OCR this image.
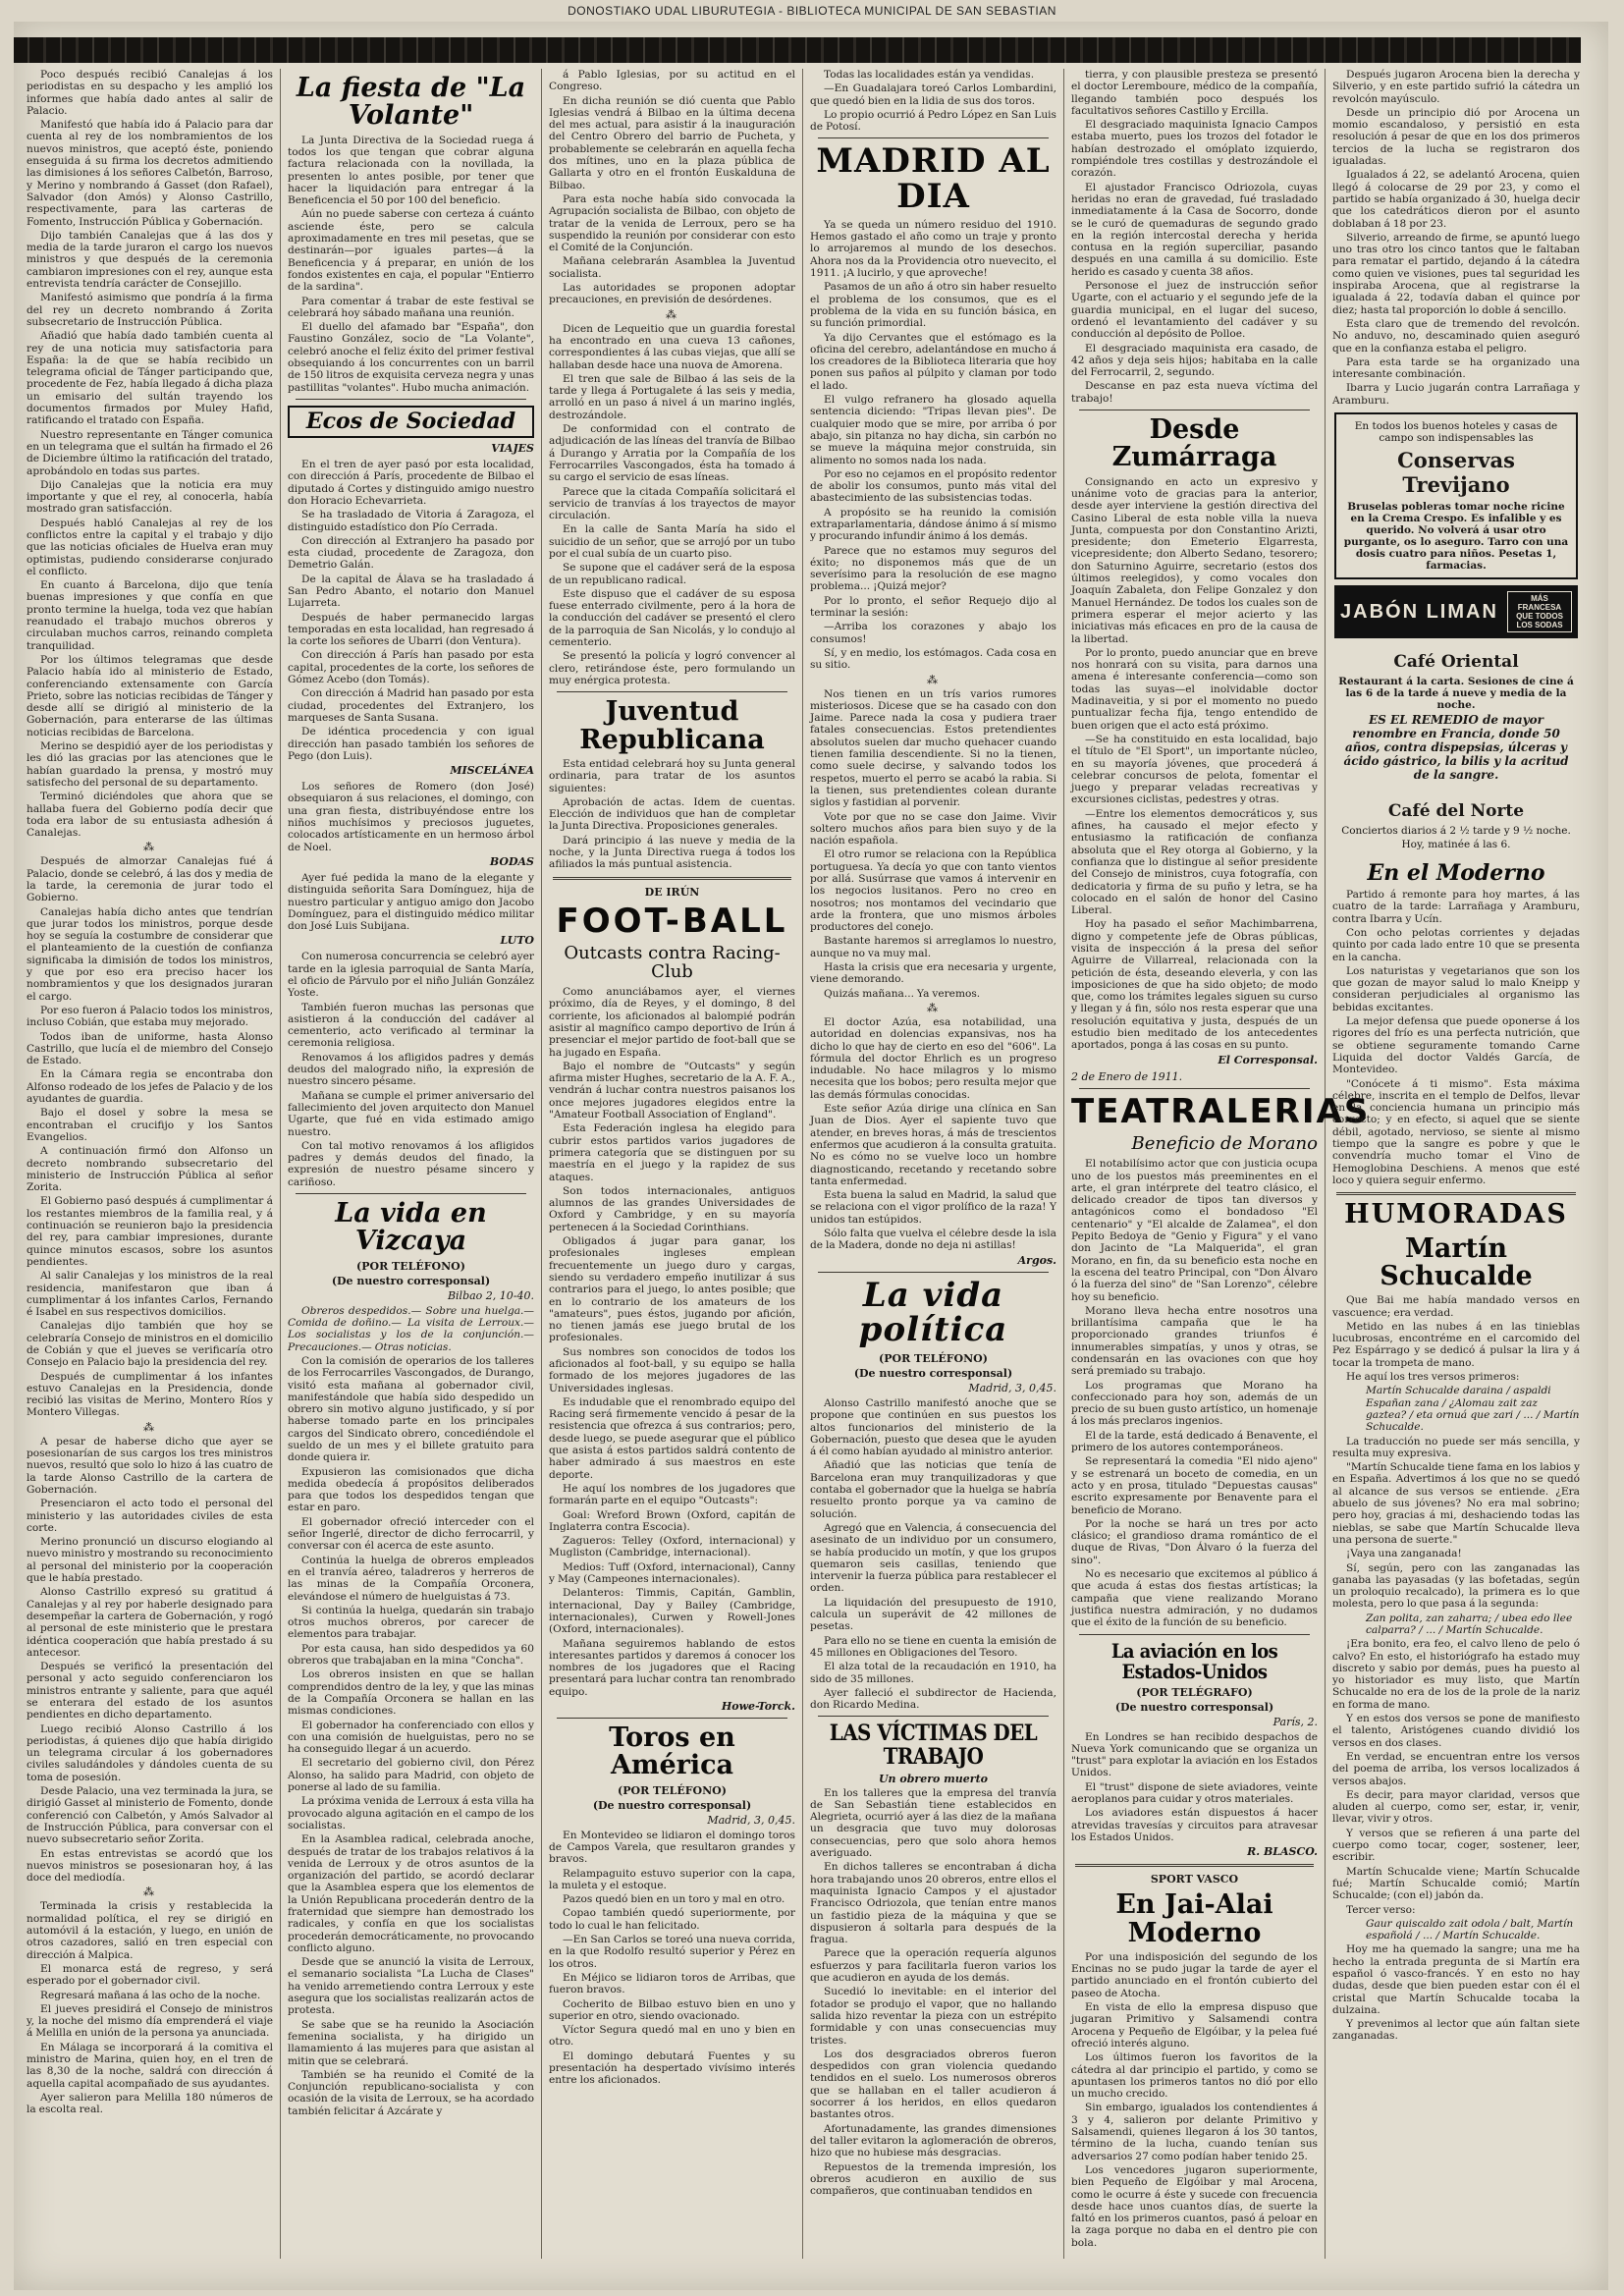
DONOSTIAKO UDAL LIBURUTEGIA - BIBLIOTECA MUNICIPAL DE SAN SEBASTIAN

Poco después recibió Canalejas á los periodistas en su despacho y les amplió los informes que había dado antes al salir de Palacio.

Manifestó que había ido á Palacio para dar cuenta al rey de los nombramientos de los nuevos ministros, que aceptó éste, poniendo enseguida á su firma los decretos admitiendo las dimisiones á los señores Calbetón, Barroso, y Merino y nombrando á Gasset (don Rafael), Salvador (don Amós) y Alonso Castrillo, respectivamente, para las carteras de Fomento, Instrucción Pública y Gobernación.

Dijo también Canalejas que á las dos y media de la tarde juraron el cargo los nuevos ministros y que después de la ceremonia cambiaron impresiones con el rey, aunque esta entrevista tendría carácter de Consejillo.

Manifestó asimismo que pondría á la firma del rey un decreto nombrando á Zorita subsecretario de Instrucción Pública.

Añadió que había dado también cuenta al rey de una noticia muy satisfactoria para España: la de que se había recibido un telegrama oficial de Tánger participando que, procedente de Fez, había llegado á dicha plaza un emisario del sultán trayendo los documentos firmados por Muley Hafid, ratificando el tratado con España.

Nuestro representante en Tánger comunica en un telegrama que el sultán ha firmado el 26 de Diciembre último la ratificación del tratado, aprobándolo en todas sus partes.

Dijo Canalejas que la noticia era muy importante y que el rey, al conocerla, había mostrado gran satisfacción.

Después habló Canalejas al rey de los conflictos entre la capital y el trabajo y dijo que las noticias oficiales de Huelva eran muy optimistas, pudiendo considerarse conjurado el conflicto.

En cuanto á Barcelona, dijo que tenía buenas impresiones y que confía en que pronto termine la huelga, toda vez que habían reanudado el trabajo muchos obreros y circulaban muchos carros, reinando completa tranquilidad.

Por los últimos telegramas que desde Palacio había ido al ministerio de Estado, conferenciando extensamente con García Prieto, sobre las noticias recibidas de Tánger y desde allí se dirigió al ministerio de la Gobernación, para enterarse de las últimas noticias recibidas de Barcelona.

Merino se despidió ayer de los periodistas y les dió las gracias por las atenciones que le habían guardado la prensa, y mostró muy satisfecho del personal de su departamento.

Terminó diciéndoles que ahora que se hallaba fuera del Gobierno podía decir que toda era labor de su entusiasta adhesión á Canalejas.

⁂

Después de almorzar Canalejas fué á Palacio, donde se celebró, á las dos y media de la tarde, la ceremonia de jurar todo el Gobierno.

Canalejas había dicho antes que tendrían que jurar todos los ministros, porque desde hoy se seguía la costumbre de considerar que el planteamiento de la cuestión de confianza significaba la dimisión de todos los ministros, y que por eso era preciso hacer los nombramientos y que los designados juraran el cargo.

Por eso fueron á Palacio todos los ministros, incluso Cobián, que estaba muy mejorado.

Todos iban de uniforme, hasta Alonso Castrillo, que lucía el de miembro del Consejo de Estado.

En la Cámara regia se encontraba don Alfonso rodeado de los jefes de Palacio y de los ayudantes de guardia.

Bajo el dosel y sobre la mesa se encontraban el crucifijo y los Santos Evangelios.

A continuación firmó don Alfonso un decreto nombrando subsecretario del ministerio de Instrucción Pública al señor Zorita.

El Gobierno pasó después á cumplimentar á los restantes miembros de la familia real, y á continuación se reunieron bajo la presidencia del rey, para cambiar impresiones, durante quince minutos escasos, sobre los asuntos pendientes.

Al salir Canalejas y los ministros de la real residencia, manifestaron que iban á cumplimentar á los infantes Carlos, Fernando é Isabel en sus respectivos domicilios.

Canalejas dijo también que hoy se celebraría Consejo de ministros en el domicilio de Cobián y que el jueves se verificaría otro Consejo en Palacio bajo la presidencia del rey.

Después de cumplimentar á los infantes estuvo Canalejas en la Presidencia, donde recibió las visitas de Merino, Montero Ríos y Montero Villegas.

⁂

A pesar de haberse dicho que ayer se posesionarían de sus cargos los tres ministros nuevos, resultó que solo lo hizo á las cuatro de la tarde Alonso Castrillo de la cartera de Gobernación.

Presenciaron el acto todo el personal del ministerio y las autoridades civiles de esta corte.

Merino pronunció un discurso elogiando al nuevo ministro y mostrando su reconocimiento al personal del ministerio por la cooperación que le había prestado.

Alonso Castrillo expresó su gratitud á Canalejas y al rey por haberle designado para desempeñar la cartera de Gobernación, y rogó al personal de este ministerio que le prestara idéntica cooperación que había prestado á su antecesor.

Después se verificó la presentación del personal y acto seguido conferenciaron los ministros entrante y saliente, para que aquél se enterara del estado de los asuntos pendientes en dicho departamento.

Luego recibió Alonso Castrillo á los periodistas, á quienes dijo que había dirigido un telegrama circular á los gobernadores civiles saludándoles y dándoles cuenta de su toma de posesión.

Desde Palacio, una vez terminada la jura, se dirigió Gasset al ministerio de Fomento, donde conferenció con Calbetón, y Amós Salvador al de Instrucción Pública, para conversar con el nuevo subsecretario señor Zorita.

En estas entrevistas se acordó que los nuevos ministros se posesionaran hoy, á las doce del mediodía.

⁂

Terminada la crisis y restablecida la normalidad política, el rey se dirigió en automóvil á la estación, y luego, en unión de otros cazadores, salió en tren especial con dirección á Malpica.

El monarca está de regreso, y será esperado por el gobernador civil.

Regresará mañana á las ocho de la noche.

El jueves presidirá el Consejo de ministros y, la noche del mismo día emprenderá el viaje á Melilla en unión de la persona ya anunciada.

En Málaga se incorporará á la comitiva el ministro de Marina, quien hoy, en el tren de las 8,30 de la noche, saldrá con dirección á aquella capital acompañado de sus ayudantes.

Ayer salieron para Melilla 180 números de la escolta real.

La fiesta de "La Volante"

La Junta Directiva de la Sociedad ruega á todos los que tengan que cobrar alguna factura relacionada con la novillada, la presenten lo antes posible, por tener que hacer la liquidación para entregar á la Beneficencia el 50 por 100 del beneficio.

Aún no puede saberse con certeza á cuánto asciende éste, pero se calcula aproximadamente en tres mil pesetas, que se destinarán—por iguales partes—á la Beneficencia y á preparar, en unión de los fondos existentes en caja, el popular "Entierro de la sardina".

Para comentar á trabar de este festival se celebrará hoy sábado mañana una reunión.

El duello del afamado bar "España", don Faustino González, socio de "La Volante", celebró anoche el feliz éxito del primer festival obsequiando á los concurrentes con un barril de 150 litros de exquisita cerveza negra y unas pastillitas "volantes". Hubo mucha animación.

Ecos de Sociedad
VIAJES

En el tren de ayer pasó por esta localidad, con dirección á París, procedente de Bilbao el diputado á Cortes y distinguido amigo nuestro don Horacio Echevarrieta.

Se ha trasladado de Vitoria á Zaragoza, el distinguido estadístico don Pío Cerrada.

Con dirección al Extranjero ha pasado por esta ciudad, procedente de Zaragoza, don Demetrio Galán.

De la capital de Álava se ha trasladado á San Pedro Abanto, el notario don Manuel Lujarreta.

Después de haber permanecido largas temporadas en esta localidad, han regresado á la corte los señores de Ubarri (don Ventura).

Con dirección á París han pasado por esta capital, procedentes de la corte, los señores de Gómez Acebo (don Tomás).

Con dirección á Madrid han pasado por esta ciudad, procedentes del Extranjero, los marqueses de Santa Susana.

De idéntica procedencia y con igual dirección han pasado también los señores de Pego (don Luis).

MISCELÁNEA

Los señores de Romero (don José) obsequiaron á sus relaciones, el domingo, con una gran fiesta, distribuyéndose entre los niños muchísimos y preciosos juguetes, colocados artísticamente en un hermoso árbol de Noel.

BODAS

Ayer fué pedida la mano de la elegante y distinguida señorita Sara Domínguez, hija de nuestro particular y antiguo amigo don Jacobo Domínguez, para el distinguido médico militar don José Luis Subijana.

LUTO

Con numerosa concurrencia se celebró ayer tarde en la iglesia parroquial de Santa María, el oficio de Párvulo por el niño Julián González Yoste.

También fueron muchas las personas que asistieron á la conducción del cadáver al cementerio, acto verificado al terminar la ceremonia religiosa.

Renovamos á los afligidos padres y demás deudos del malogrado niño, la expresión de nuestro sincero pésame.

Mañana se cumple el primer aniversario del fallecimiento del joven arquitecto don Manuel Ugarte, que fué en vida estimado amigo nuestro.

Con tal motivo renovamos á los afligidos padres y demás deudos del finado, la expresión de nuestro pésame sincero y cariñoso.

La vida en Vizcaya
(POR TELÉFONO)
(De nuestro corresponsal)
Bilbao 2, 10-40.

Obreros despedidos.— Sobre una huelga.— Comida de doñino.— La visita de Lerroux.— Los socialistas y los de la conjunción.— Precauciones.— Otras noticias.

Con la comisión de operarios de los talleres de los Ferrocarriles Vascongados, de Durango, visitó esta mañana al gobernador civil, manifestándole que había sido despedido un obrero sin motivo alguno justificado, y sí por haberse tomado parte en los principales cargos del Sindicato obrero, concediéndole el sueldo de un mes y el billete gratuito para donde quiera ir.

Expusieron las comisionados que dicha medida obedecía á propósitos deliberados para que todos los despedidos tengan que estar en paro.

El gobernador ofreció interceder con el señor Ingerlé, director de dicho ferrocarril, y conversar con él acerca de este asunto.

Continúa la huelga de obreros empleados en el tranvía aéreo, taladreros y herreros de las minas de la Compañía Orconera, elevándose el número de huelguistas á 73.

Si continúa la huelga, quedarán sin trabajo otros muchos obreros, por carecer de elementos para trabajar.

Por esta causa, han sido despedidos ya 60 obreros que trabajaban en la mina "Concha".

Los obreros insisten en que se hallan comprendidos dentro de la ley, y que las minas de la Compañía Orconera se hallan en las mismas condiciones.

El gobernador ha conferenciado con ellos y con una comisión de huelguistas, pero no se ha conseguido llegar á un acuerdo.

El secretario del gobierno civil, don Pérez Alonso, ha salido para Madrid, con objeto de ponerse al lado de su familia.

La próxima venida de Lerroux á esta villa ha provocado alguna agitación en el campo de los socialistas.

En la Asamblea radical, celebrada anoche, después de tratar de los trabajos relativos á la venida de Lerroux y de otros asuntos de la organización del partido, se acordó declarar que la Asamblea espera que los elementos de la Unión Republicana procederán dentro de la fraternidad que siempre han demostrado los radicales, y confía en que los socialistas procederán democráticamente, no provocando conflicto alguno.

Desde que se anunció la visita de Lerroux, el semanario socialista "La Lucha de Clases" ha venido arremetiendo contra Lerroux y este asegura que los socialistas realizarán actos de protesta.

Se sabe que se ha reunido la Asociación femenina socialista, y ha dirigido un llamamiento á las mujeres para que asistan al mitin que se celebrará.

También se ha reunido el Comité de la Conjunción republicano-socialista y con ocasión de la visita de Lerroux, se ha acordado también felicitar á Azcárate y

á Pablo Iglesias, por su actitud en el Congreso.

En dicha reunión se dió cuenta que Pablo Iglesias vendrá á Bilbao en la última decena del mes actual, para asistir á la inauguración del Centro Obrero del barrio de Pucheta, y probablemente se celebrarán en aquella fecha dos mítines, uno en la plaza pública de Gallarta y otro en el frontón Euskalduna de Bilbao.

Para esta noche había sido convocada la Agrupación socialista de Bilbao, con objeto de tratar de la venida de Lerroux, pero se ha suspendido la reunión por considerar con esto el Comité de la Conjunción.

Mañana celebrarán Asamblea la Juventud socialista.

Las autoridades se proponen adoptar precauciones, en previsión de desórdenes.

⁂

Dicen de Lequeitio que un guardia forestal ha encontrado en una cueva 13 cañones, correspondientes á las cubas viejas, que allí se hallaban desde hace una nuova de Amorena.

El tren que sale de Bilbao á las seis de la tarde y llega á Portugalete á las seis y media, arrolló en un paso á nivel á un marino inglés, destrozándole.

De conformidad con el contrato de adjudicación de las líneas del tranvía de Bilbao á Durango y Arratia por la Compañía de los Ferrocarriles Vascongados, ésta ha tomado á su cargo el servicio de esas líneas.

Parece que la citada Compañía solicitará el servicio de tranvías á los trayectos de mayor circulación.

En la calle de Santa María ha sido el suicidio de un señor, que se arrojó por un tubo por el cual subía de un cuarto piso.

Se supone que el cadáver será de la esposa de un republicano radical.

Este dispuso que el cadáver de su esposa fuese enterrado civilmente, pero á la hora de la conducción del cadáver se presentó el clero de la parroquia de San Nicolás, y lo condujo al cementerio.

Se presentó la policía y logró convencer al clero, retirándose éste, pero formulando un muy enérgica protesta.

Juventud Republicana

Esta entidad celebrará hoy su Junta general ordinaria, para tratar de los asuntos siguientes:

Aprobación de actas. Idem de cuentas. Elección de individuos que han de completar la Junta Directiva. Proposiciones generales.

Dará principio á las nueve y media de la noche, y la Junta Directiva ruega á todos los afiliados la más puntual asistencia.

DE IRÚN
FOOT-BALL
Outcasts contra Racing-Club

Como anunciábamos ayer, el viernes próximo, día de Reyes, y el domingo, 8 del corriente, los aficionados al balompié podrán asistir al magnífico campo deportivo de Irún á presenciar el mejor partido de foot-ball que se ha jugado en España.

Bajo el nombre de "Outcasts" y según afirma mister Hughes, secretario de la A. F. A., vendrán á luchar contra nuestros paisanos los once mejores jugadores elegidos entre la "Amateur Football Association of England".

Esta Federación inglesa ha elegido para cubrir estos partidos varios jugadores de primera categoría que se distinguen por su maestría en el juego y la rapidez de sus ataques.

Son todos internacionales, antiguos alumnos de las grandes Universidades de Oxford y Cambridge, y en su mayoría pertenecen á la Sociedad Corinthians.

Obligados á jugar para ganar, los profesionales ingleses emplean frecuentemente un juego duro y cargas, siendo su verdadero empeño inutilizar á sus contrarios para el juego, lo antes posible; que en lo contrario de los amateurs de los "amateurs", pues éstos, jugando por afición, no tienen jamás ese juego brutal de los profesionales.

Sus nombres son conocidos de todos los aficionados al foot-ball, y su equipo se halla formado de los mejores jugadores de las Universidades inglesas.

Es indudable que el renombrado equipo del Racing será firmemente vencido á pesar de la resistencia que ofrezca á sus contrarios; pero, desde luego, se puede asegurar que el público que asista á estos partidos saldrá contento de haber admirado á sus maestros en este deporte.

He aquí los nombres de los jugadores que formarán parte en el equipo "Outcasts":

Goal: Wreford Brown (Oxford, capitán de Inglaterra contra Escocia).

Zagueros: Telley (Oxford, internacional) y Mugliston (Cambridge, internacional).

Medios: Tuff (Oxford, internacional), Canny y May (Campeones internacionales).

Delanteros: Timmis, Capitán, Gamblin, internacional, Day y Bailey (Cambridge, internacionales), Curwen y Rowell-Jones (Oxford, internacionales).

Mañana seguiremos hablando de estos interesantes partidos y daremos á conocer los nombres de los jugadores que el Racing presentará para luchar contra tan renombrado equipo.

Howe-Torck.
Toros en América
(POR TELÉFONO)
(De nuestro corresponsal)
Madrid, 3, 0,45.

En Montevideo se lidiaron el domingo toros de Campos Varela, que resultaron grandes y bravos.

Relampaguito estuvo superior con la capa, la muleta y el estoque.

Pazos quedó bien en un toro y mal en otro.

Copao también quedó superiormente, por todo lo cual le han felicitado.

—En San Carlos se toreó una nueva corrida, en la que Rodolfo resultó superior y Pérez en los otros.

En Méjico se lidiaron toros de Arribas, que fueron bravos.

Cocherito de Bilbao estuvo bien en uno y superior en otro, siendo ovacionado.

Víctor Segura quedó mal en uno y bien en otro.

El domingo debutará Fuentes y su presentación ha despertado vivísimo interés entre los aficionados.

Todas las localidades están ya vendidas.

—En Guadalajara toreó Carlos Lombardini, que quedó bien en la lidia de sus dos toros.

Lo propio ocurrió á Pedro López en San Luis de Potosí.

MADRID AL DIA

Ya se queda un número residuo del 1910. Hemos gastado el año como un traje y pronto lo arrojaremos al mundo de los desechos. Ahora nos da la Providencia otro nuevecito, el 1911. ¡A lucirlo, y que aproveche!

Pasamos de un año á otro sin haber resuelto el problema de los consumos, que es el problema de la vida en su función básica, en su función primordial.

Ya dijo Cervantes que el estómago es la oficina del cerebro, adelantándose en mucho á los creadores de la Biblioteca literaria que hoy ponen sus paños al púlpito y claman por todo el lado.

El vulgo refranero ha glosado aquella sentencia diciendo: "Tripas llevan pies". De cualquier modo que se mire, por arriba ó por abajo, sin pitanza no hay dicha, sin carbón no se mueve la máquina mejor construida, sin alimento no somos nada los nada.

Por eso no cejamos en el propósito redentor de abolir los consumos, punto más vital del abastecimiento de las subsistencias todas.

A propósito se ha reunido la comisión extraparlamentaria, dándose ánimo á sí mismo y procurando infundir ánimo á los demás.

Parece que no estamos muy seguros del éxito; no disponemos más que de un severísimo para la resolución de ese magno problema... ¡Quizá mejor?

Por lo pronto, el señor Requejo dijo al terminar la sesión:

—Arriba los corazones y abajo los consumos!

Sí, y en medio, los estómagos. Cada cosa en su sitio.

⁂

Nos tienen en un trís varios rumores misteriosos. Dicese que se ha casado con don Jaime. Parece nada la cosa y pudiera traer fatales consecuencias. Estos pretendientes absolutos suelen dar mucho quehacer cuando tienen familia descendiente. Si no la tienen, como suele decirse, y salvando todos los respetos, muerto el perro se acabó la rabia. Si la tienen, sus pretendientes colean durante siglos y fastidian al porvenir.

Vote por que no se case don Jaime. Vivir soltero muchos años para bien suyo y de la nación española.

El otro rumor se relaciona con la República portuguesa. Ya decía yo que con tanto vientos por allá. Susúrrase que vamos á intervenir en los negocios lusitanos. Pero no creo en nosotros; nos montamos del vecindario que arde la frontera, que uno mismos árboles productores del conejo.

Bastante haremos si arreglamos lo nuestro, aunque no va muy mal.

Hasta la crisis que era necesaria y urgente, viene demorando.

Quizás mañana... Ya veremos.

⁂

El doctor Azúa, esa notabilidad, una autoridad en dolencias expansivas, nos ha dicho lo que hay de cierto en eso del "606". La fórmula del doctor Ehrlich es un progreso indudable. No hace milagros y lo mismo necesita que los bobos; pero resulta mejor que las demás fórmulas conocidas.

Este señor Azúa dirige una clínica en San Juan de Dios. Ayer el sapiente tuvo que atender, en breves horas, á más de trescientos enfermos que acudieron á la consulta gratuita. No es cómo no se vuelve loco un hombre diagnosticando, recetando y recetando sobre tanta enfermedad.

Esta buena la salud en Madrid, la salud que se relaciona con el vigor prolífico de la raza! Y unidos tan estúpidos.

Sólo falta que vuelva el célebre desde la isla de la Madera, donde no deja ni astillas!

Argos.
La vida política
(POR TELÉFONO)
(De nuestro corresponsal)
Madrid, 3, 0,45.

Alonso Castrillo manifestó anoche que se propone que continúen en sus puestos los altos funcionarios del ministerio de la Gobernación, puesto que desea que le ayuden á él como habían ayudado al ministro anterior.

Añadió que las noticias que tenía de Barcelona eran muy tranquilizadoras y que contaba el gobernador que la huelga se habría resuelto pronto porque ya va camino de solución.

Agregó que en Valencia, á consecuencia del asesinato de un individuo por un consumero, se había producido un motín, y que los grupos quemaron seis casillas, teniendo que intervenir la fuerza pública para restablecer el orden.

La liquidación del presupuesto de 1910, calcula un superávit de 42 millones de pesetas.

Para ello no se tiene en cuenta la emisión de 45 millones en Obligaciones del Tesoro.

El alza total de la recaudación en 1910, ha sido de 35 millones.

Ayer falleció el subdirector de Hacienda, don Ricardo Medina.

LAS VÍCTIMAS DEL TRABAJO
Un obrero muerto

En los talleres que la empresa del tranvía de San Sebastián tiene establecidos en Alegrieta, ocurrió ayer á las diez de la mañana un desgracia que tuvo muy dolorosas consecuencias, pero que solo ahora hemos averiguado.

En dichos talleres se encontraban á dicha hora trabajando unos 20 obreros, entre ellos el maquinista Ignacio Campos y el ajustador Francisco Odriozola, que tenían entre manos un fastidio pieza de la máquina y que se dispusieron á soltarla para después de la fragua.

Parece que la operación requería algunos esfuerzos y para facilitarla fueron varios los que acudieron en ayuda de los demás.

Sucedió lo inevitable: en el interior del fotador se produjo el vapor, que no hallando salida hizo reventar la pieza con un estrépito formidable y con unas consecuencias muy tristes.

Los dos desgraciados obreros fueron despedidos con gran violencia quedando tendidos en el suelo. Los numerosos obreros que se hallaban en el taller acudieron á socorrer á los heridos, en ellos quedaron bastantes otros.

Afortunadamente, las grandes dimensiones del taller evitaron la aglomeración de obreros, hizo que no hubiese más desgracias.

Repuestos de la tremenda impresión, los obreros acudieron en auxilio de sus compañeros, que continuaban tendidos en

tierra, y con plausible presteza se presentó el doctor Leremboure, médico de la compañía, llegando también poco después los facultativos señores Castillo y Ercilla.

El desgraciado maquinista Ignacio Campos estaba muerto, pues los trozos del fotador le habían destrozado el omóplato izquierdo, rompiéndole tres costillas y destrozándole el corazón.

El ajustador Francisco Odriozola, cuyas heridas no eran de gravedad, fué trasladado inmediatamente á la Casa de Socorro, donde se le curó de quemaduras de segundo grado en la región intercostal derecha y herida contusa en la región superciliar, pasando después en una camilla á su domicilio. Este herido es casado y cuenta 38 años.

Personose el juez de instrucción señor Ugarte, con el actuario y el segundo jefe de la guardia municipal, en el lugar del suceso, ordenó el levantamiento del cadáver y su conducción al depósito de Polloe.

El desgraciado maquinista era casado, de 42 años y deja seis hijos; habitaba en la calle del Ferrocarril, 2, segundo.

Descanse en paz esta nueva víctima del trabajo!

Desde Zumárraga

Consignando en acto un expresivo y unánime voto de gracias para la anterior, desde ayer interviene la gestión directiva del Casino Liberal de esta noble villa la nueva Junta, compuesta por don Constantino Arizti, presidente; don Emeterio Elgarresta, vicepresidente; don Alberto Sedano, tesorero; don Saturnino Aguirre, secretario (estos dos últimos reelegidos), y como vocales don Joaquín Zabaleta, don Felipe Gonzalez y don Manuel Hernández. De todos los cuales son de primera esperar el mejor acierto y las iniciativas más eficaces en pro de la causa de la libertad.

Por lo pronto, puedo anunciar que en breve nos honrará con su visita, para darnos una amena é interesante conferencia—como son todas las suyas—el inolvidable doctor Madinaveitia, y si por el momento no puedo puntualizar fecha fija, tengo entendido de buen origen que el acto está próximo.

—Se ha constituido en esta localidad, bajo el título de "El Sport", un importante núcleo, en su mayoría jóvenes, que procederá á celebrar concursos de pelota, fomentar el juego y preparar veladas recreativas y excursiones ciclistas, pedestres y otras.

—Entre los elementos democráticos y, sus afines, ha causado el mejor efecto y entusiasmo la ratificación de confianza absoluta que el Rey otorga al Gobierno, y la confianza que lo distingue al señor presidente del Consejo de ministros, cuya fotografía, con dedicatoria y firma de su puño y letra, se ha colocado en el salón de honor del Casino Liberal.

Hoy ha pasado el señor Machimbarrena, digno y competente jefe de Obras públicas, visita de inspección á la presa del señor Aguirre de Villarreal, relacionada con la petición de ésta, deseando eleverla, y con las imposiciones de que ha sido objeto; de modo que, como los trámites legales siguen su curso y llegan y á fin, sólo nos resta esperar que una resolución equitativa y justa, después de un estudio bien meditado de los antecedentes aportados, ponga á las cosas en su punto.

El Corresponsal.
2 de Enero de 1911.
TEATRALERIAS
Beneficio de Morano

El notabilísimo actor que con justicia ocupa uno de los puestos más preeminentes en el arte, el gran intérprete del teatro clásico, el delicado creador de tipos tan diversos y antagónicos como el bondadoso "El centenario" y "El alcalde de Zalamea", el don Pepito Bedoya de "Genio y Figura" y el vano don Jacinto de "La Malquerida", el gran Morano, en fin, da su beneficio esta noche en la escena del teatro Principal, con "Don Álvaro ó la fuerza del sino" de "San Lorenzo", célebre hoy su beneficio.

Morano lleva hecha entre nosotros una brillantísima campaña que le ha proporcionado grandes triunfos é innumerables simpatías, y unos y otras, se condensarán en las ovaciones con que hoy será premiado su trabajo.

Los programas que Morano ha confeccionado para hoy son, además de un precio de su buen gusto artístico, un homenaje á los más preclaros ingenios.

El de la tarde, está dedicado á Benavente, el primero de los autores contemporáneos.

Se representará la comedia "El nido ajeno" y se estrenará un boceto de comedia, en un acto y en prosa, titulado "Depuestas causas" escrito expresamente por Benavente para el beneficio de Morano.

Por la noche se hará un tres por acto clásico; el grandioso drama romántico de el duque de Rivas, "Don Álvaro ó la fuerza del sino".

No es necesario que excitemos al público á que acuda á estas dos fiestas artísticas; la campaña que viene realizando Morano justifica nuestra admiración, y no dudamos que el éxito de la función de su beneficio.

La aviación en los Estados-Unidos
(POR TELÉGRAFO)
(De nuestro corresponsal)
París, 2.

En Londres se han recibido despachos de Nueva York comunicando que se organiza un "trust" para explotar la aviación en los Estados Unidos.

El "trust" dispone de siete aviadores, veinte aeroplanos para cuidar y otros materiales.

Los aviadores están dispuestos á hacer atrevidas travesías y circuitos para atravesar los Estados Unidos.

R. BLASCO.
SPORT VASCO
En Jai-Alai Moderno

Por una indisposición del segundo de los Encinas no se pudo jugar la tarde de ayer el partido anunciado en el frontón cubierto del paseo de Atocha.

En vista de ello la empresa dispuso que jugaran Primitivo y Salsamendi contra Arocena y Pequeño de Elgóibar, y la pelea fué ofreció interés alguno.

Los últimos fueron los favoritos de la cátedra al dar principio el partido, y como se apuntasen los primeros tantos no dió por ello un mucho crecido.

Sin embargo, igualados los contendientes á 3 y 4, salieron por delante Primitivo y Salsamendi, quienes llegaron á los 30 tantos, término de la lucha, cuando tenían sus adversarios 27 como podían haber tenido 25.

Los vencedores jugaron superiormente, bien Pequeño de Elgóibar y mal Arocena, como le ocurre á éste y sucede con frecuencia desde hace unos cuantos días, de suerte la faltó en los primeros cuantos, pasó á peloar en la zaga porque no daba en el dentro pie con bola.

Después jugaron Arocena bien la derecha y Silverio, y en este partido sufrió la cátedra un revolcón mayúsculo.

Desde un principio dió por Arocena un momio escandaloso, y persistió en esta resolución á pesar de que en los dos primeros tercios de la lucha se registraron dos igualadas.

Igualados á 22, se adelantó Arocena, quien llegó á colocarse de 29 por 23, y como el partido se había organizado á 30, huelga decir que los catedráticos dieron por el asunto doblaban á 18 por 23.

Silverio, arreando de firme, se apuntó luego uno tras otro los cinco tantos que le faltaban para rematar el partido, dejando á la cátedra como quien ve visiones, pues tal seguridad les inspiraba Arocena, que al registrarse la igualada á 22, todavía daban el quince por diez; hasta tal proporción lo doble á sencillo.

Esta claro que de tremendo del revolcón. No anduvo, no, descaminado quien aseguró que en la confianza estaba el peligro.

Para esta tarde se ha organizado una interesante combinación.

Ibarra y Lucio jugarán contra Larrañaga y Aramburu.

En todos los buenos hoteles y casas de campo son indispensables las
Conservas Trevijano
Bruselas pobleras tomar noche ricine en la Crema Crespo. Es infalible y es querido. No volverá á usar otro purgante, os lo aseguro. Tarro con una dosis cuatro para niños. Pesetas 1, farmacias.
JABÓN LIMAN
MÁS FRANCESA QUE TODOS LOS SODAS
Café Oriental
Restaurant á la carta. Sesiones de cine á las 6 de la tarde á nueve y media de la noche.
ES EL REMEDIO de mayor renombre en Francia, donde 50 años, contra dispepsias, úlceras y ácido gástrico, la bilis y la acritud de la sangre.
Café del Norte
Conciertos diarios á 2 ½ tarde y 9 ½ noche.
Hoy, matinée á las 6.
En el Moderno

Partido á remonte para hoy martes, á las cuatro de la tarde: Larrañaga y Aramburu, contra Ibarra y Ucín.

Con ocho pelotas corrientes y dejadas quinto por cada lado entre 10 que se presenta en la cancha.

Los naturistas y vegetarianos que son los que gozan de mayor salud lo malo Kneipp y consideran perjudiciales al organismo las bebidas excitantes.

La mejor defensa que puede oponerse á los rigores del frío es una perfecta nutrición, que se obtiene seguramente tomando Carne Liquida del doctor Valdés García, de Montevideo.

"Conócete á ti mismo". Esta máxima célebre, inscrita en el templo de Delfos, llevar en la conciencia humana un principio más correcto; y en efecto, si aquel que se siente débil, agotado, nervioso, se siente al mismo tiempo que la sangre es pobre y que le convendría mucho tomar el Vino de Hemoglobina Deschiens. A menos que esté loco y quiera seguir enfermo.

HUMORADAS
Martín Schucalde

Que Bai me había mandado versos en vascuence; era verdad.

Metido en las nubes á en las tinieblas lucubrosas, encontréme en el carcomido del Pez Espárrago y se dedicó á pulsar la lira y á tocar la trompeta de mano.

He aquí los tres versos primeros:

Martín Schucalde daraina / aspaldi Españan zana / ¿Alomau zait zaz gaztea? / eta ornuá que zari / ... / Martín Schucalde.

La traducción no puede ser más sencilla, y resulta muy expresiva.

"Martín Schucalde tiene fama en los labios y en España. Advertimos á los que no se quedó al alcance de sus versos se entiende. ¿Era abuelo de sus jóvenes? No era mal sobrino; pero hoy, gracias á mi, deshaciendo todas las nieblas, se sabe que Martín Schucalde lleva una persona de suerte."

¡Vaya una zanganada!

Sí, según, pero con las zanganadas las ganaba las payasadas (y las bofetadas, según un proloquio recalcado), la primera es lo que molesta, pero lo que pasa á la segunda:

Zan polita, zan zaharra; / ubea edo llee calparra? / ... / Martín Schucalde.

¡Era bonito, era feo, el calvo lleno de pelo ó calvo? En esto, el historiógrafo ha estado muy discreto y sabio por demás, pues ha puesto al yo historiador es muy listo, que Martín Schucalde no era de los de la prole de la nariz en forma de mano.

Y en estos dos versos se pone de manifiesto el talento, Aristógenes cuando dividió los versos en dos clases.

En verdad, se encuentran entre los versos del poema de arriba, los versos localizados á versos abajos.

Es decir, para mayor claridad, versos que aluden al cuerpo, como ser, estar, ir, venir, llevar, vivir y otros.

Y versos que se refieren á una parte del cuerpo como tocar, coger, sostener, leer, escribir.

Martín Schucalde viene; Martín Schucalde fué; Martín Schucalde comió; Martín Schucalde; (con el) jabón da.

Tercer verso:

Gaur quiscaldo zait odola / balt, Martín españolá / ... / Martín Schucalde.

Hoy me ha quemado la sangre; una me ha hecho la entrada pregunta de si Martín era español ó vasco-francés. Y en esto no hay dudas, desde que bien pueden estar con él el cristal que Martín Schucalde tocaba la dulzaina.

Y prevenimos al lector que aún faltan siete zanganadas.
